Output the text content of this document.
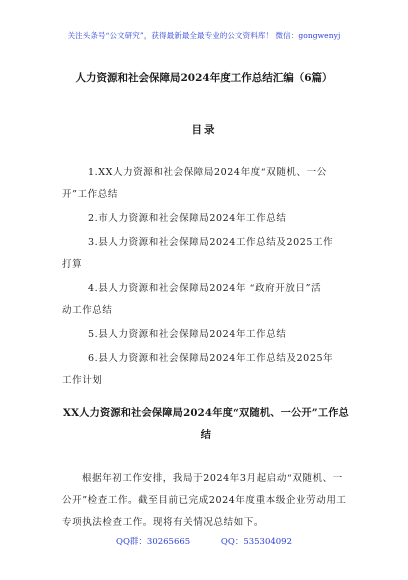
关注头条号“公文研究”，获得最新最全最专业的公文资料库！ 微信：gongwenyj
人力资源和社会保障局2024年度工作总结汇编（6篇）
目录
1.XX人力资源和社会保障局2024年度“双随机、一公
开”工作总结
2.市人力资源和社会保障局2024年工作总结
3.县人力资源和社会保障局2024工作总结及2025工作
打算
4.县人力资源和社会保障局2024年 “政府开放日”活
动工作总结
5.县人力资源和社会保障局2024年工作总结
6.县人力资源和社会保障局2024年工作总结及2025年
工作计划
XX人力资源和社会保障局2024年度“双随机、一公开”工作总结

根据年初工作安排，我局于2024年3月起启动“双随机、一公开”检查工作。截至目前已完成2024年度重本级企业劳动用工专项执法检查工作。现将有关情况总结如下。

QQ群：30265665	QQ：535304092
